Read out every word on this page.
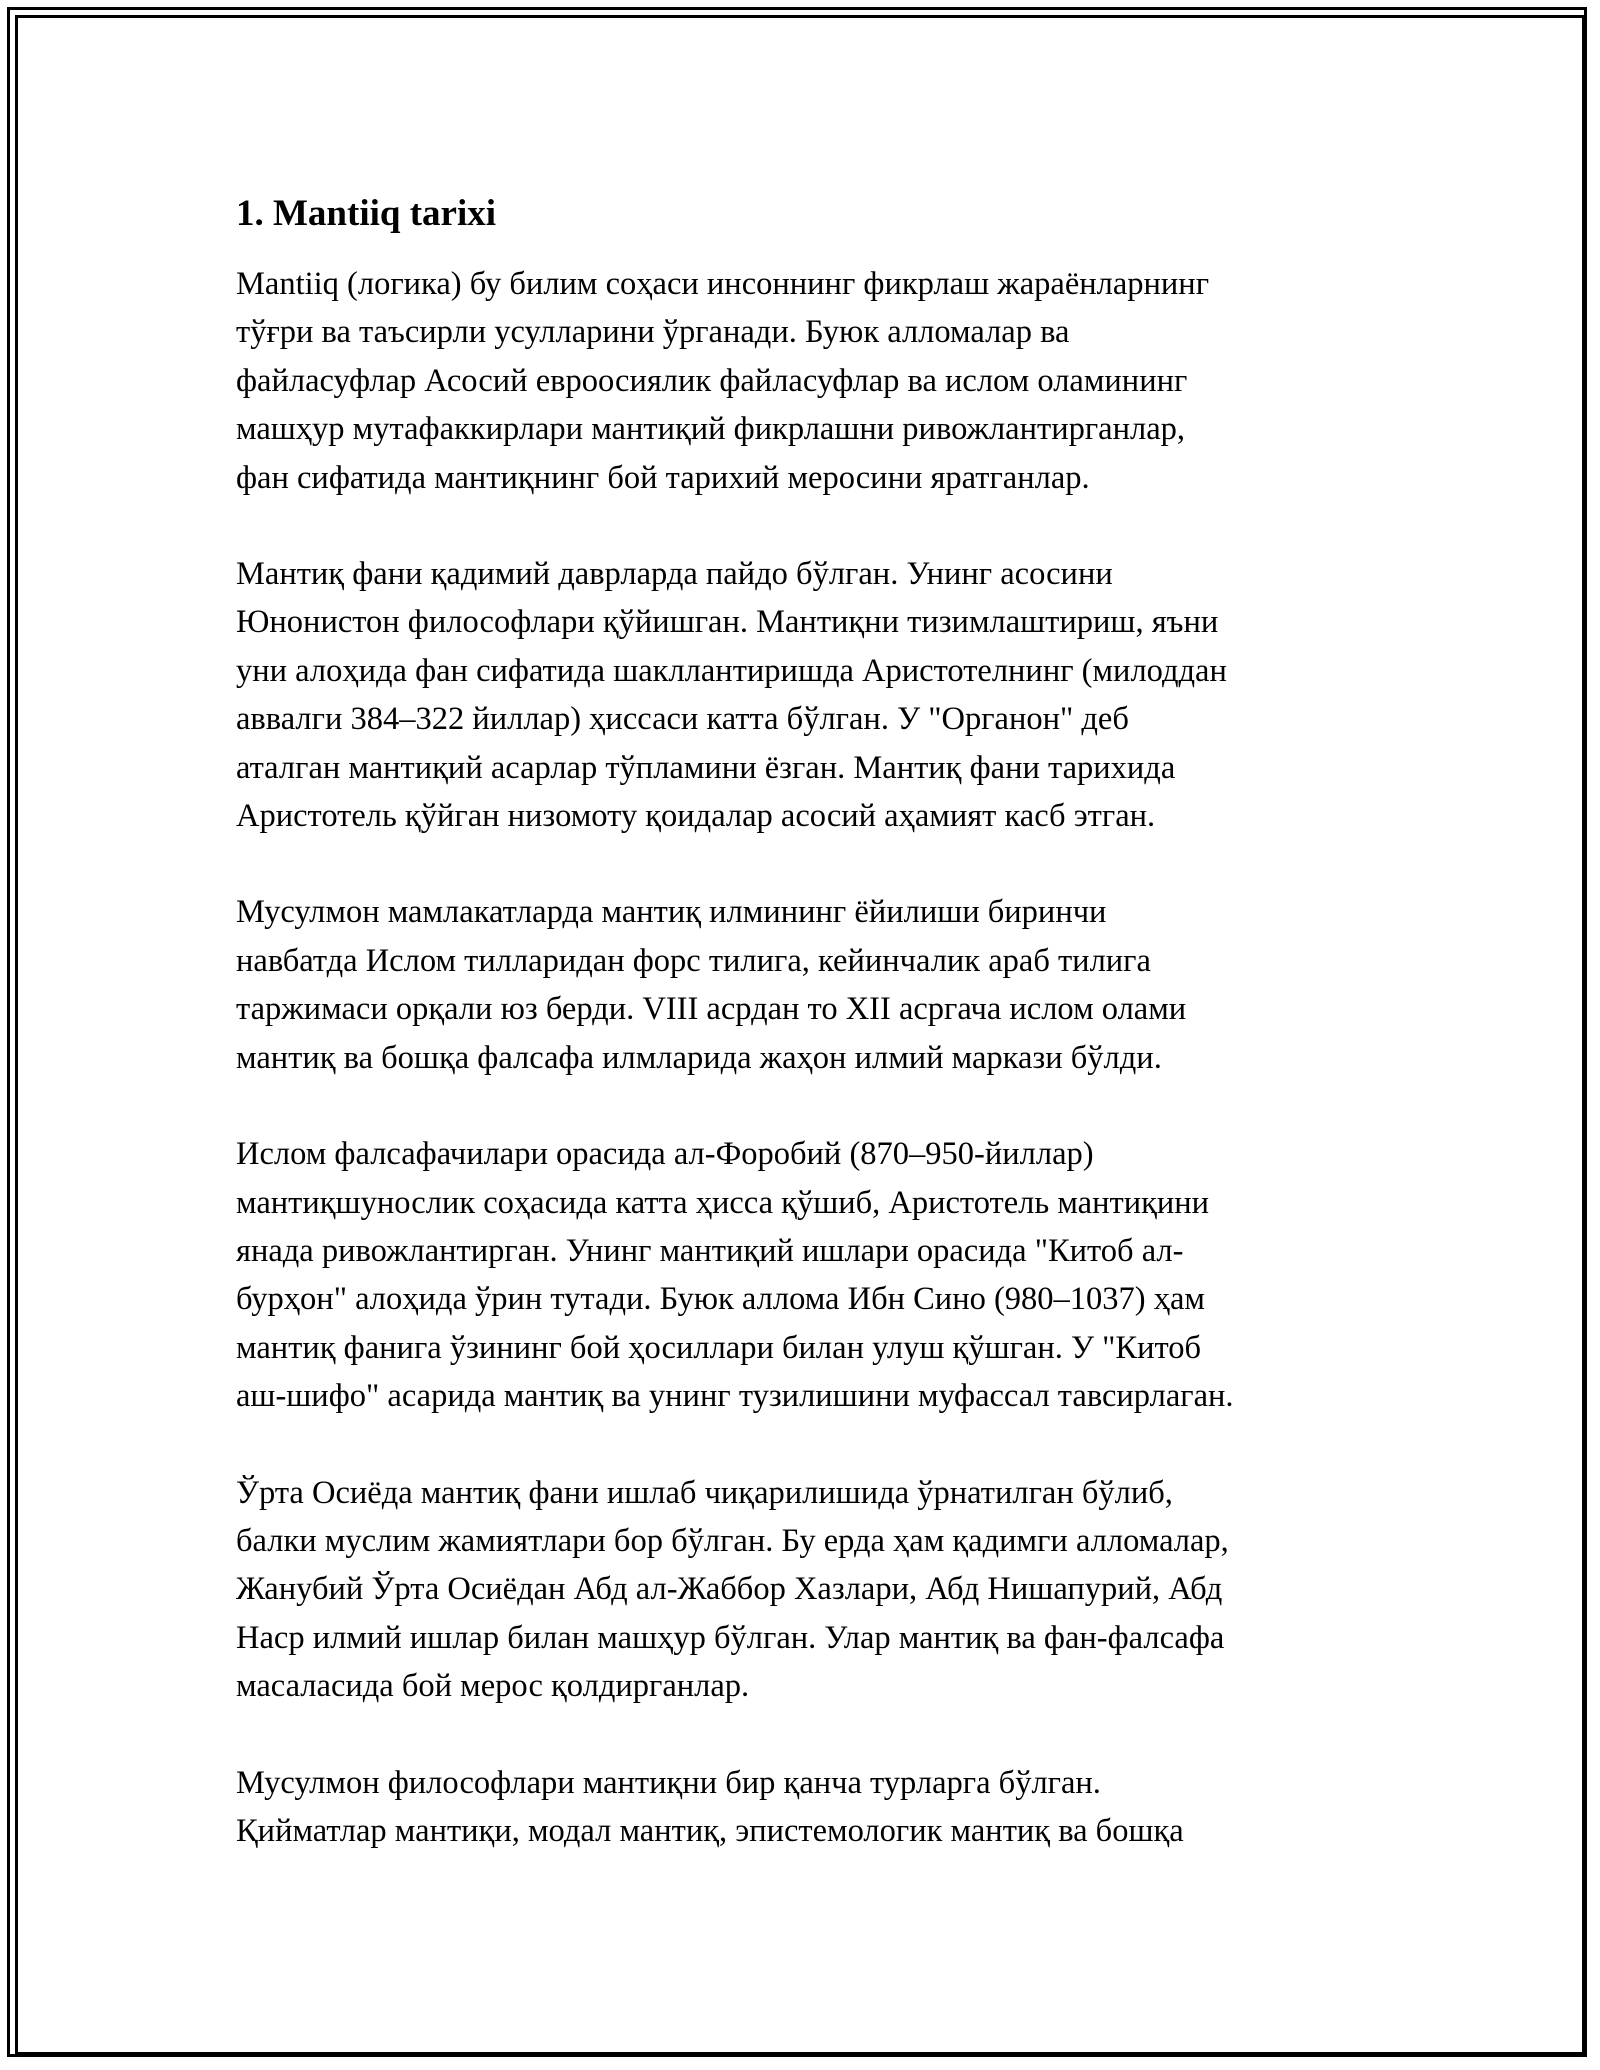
1. Mantiiq tarixi

Mantiiq (логика) бу билим соҳаси инсоннинг фикрлаш жараёнларнинг
тўғри ва таъсирли усулларини ўрганади. Буюк алломалар ва
файласуфлар Асосий евроосиялик файласуфлар ва ислом оламининг
машҳур мутафаккирлари мантиқий фикрлашни ривожлантирганлар,
фан сифатида мантиқнинг бой тарихий меросини яратганлар.

Мантиқ фани қадимий даврларда пайдо бўлган. Унинг асосини
Юнонистон философлари қўйишган. Мантиқни тизимлаштириш, яъни
уни алоҳида фан сифатида шакллантиришда Аристотелнинг (милоддан
аввалги 384–322 йиллар) ҳиссаси катта бўлган. У "Органон" деб
аталган мантиқий асарлар тўпламини ёзган. Мантиқ фани тарихида
Аристотель қўйган низомоту қоидалар асосий аҳамият касб этган.

Мусулмон мамлакатларда мантиқ илмининг ёйилиши биринчи
навбатда Ислом тилларидан форс тилига, кейинчалик араб тилига
таржимаси орқали юз берди. VIII асрдан то XII асргача ислом олами
мантиқ ва бошқа фалсафа илмларида жаҳон илмий маркази бўлди.

Ислом фалсафачилари орасида ал-Форобий (870–950-йиллар)
мантиқшунослик соҳасида катта ҳисса қўшиб, Аристотель мантиқини
янада ривожлантирган. Унинг мантиқий ишлари орасида "Китоб ал-
бурҳон" алоҳида ўрин тутади. Буюк аллома Ибн Сино (980–1037) ҳам
мантиқ фанига ўзининг бой ҳосиллари билан улуш қўшган. У "Китоб
аш-шифо" асарида мантиқ ва унинг тузилишини муфассал тавсирлаган.

Ўрта Осиёда мантиқ фани ишлаб чиқарилишида ўрнатилган бўлиб,
балки муслим жамиятлари бор бўлган. Бу ерда ҳам қадимги алломалар,
Жанубий Ўрта Осиёдан Абд ал-Жаббор Хазлари, Абд Нишапурий, Абд
Наср илмий ишлар билан машҳур бўлган. Улар мантиқ ва фан-фалсафа
масаласида бой мерос қолдирганлар.

Мусулмон философлари мантиқни бир қанча турларга бўлган.
Қийматлар мантиқи, модал мантиқ, эпистемологик мантиқ ва бошқа
